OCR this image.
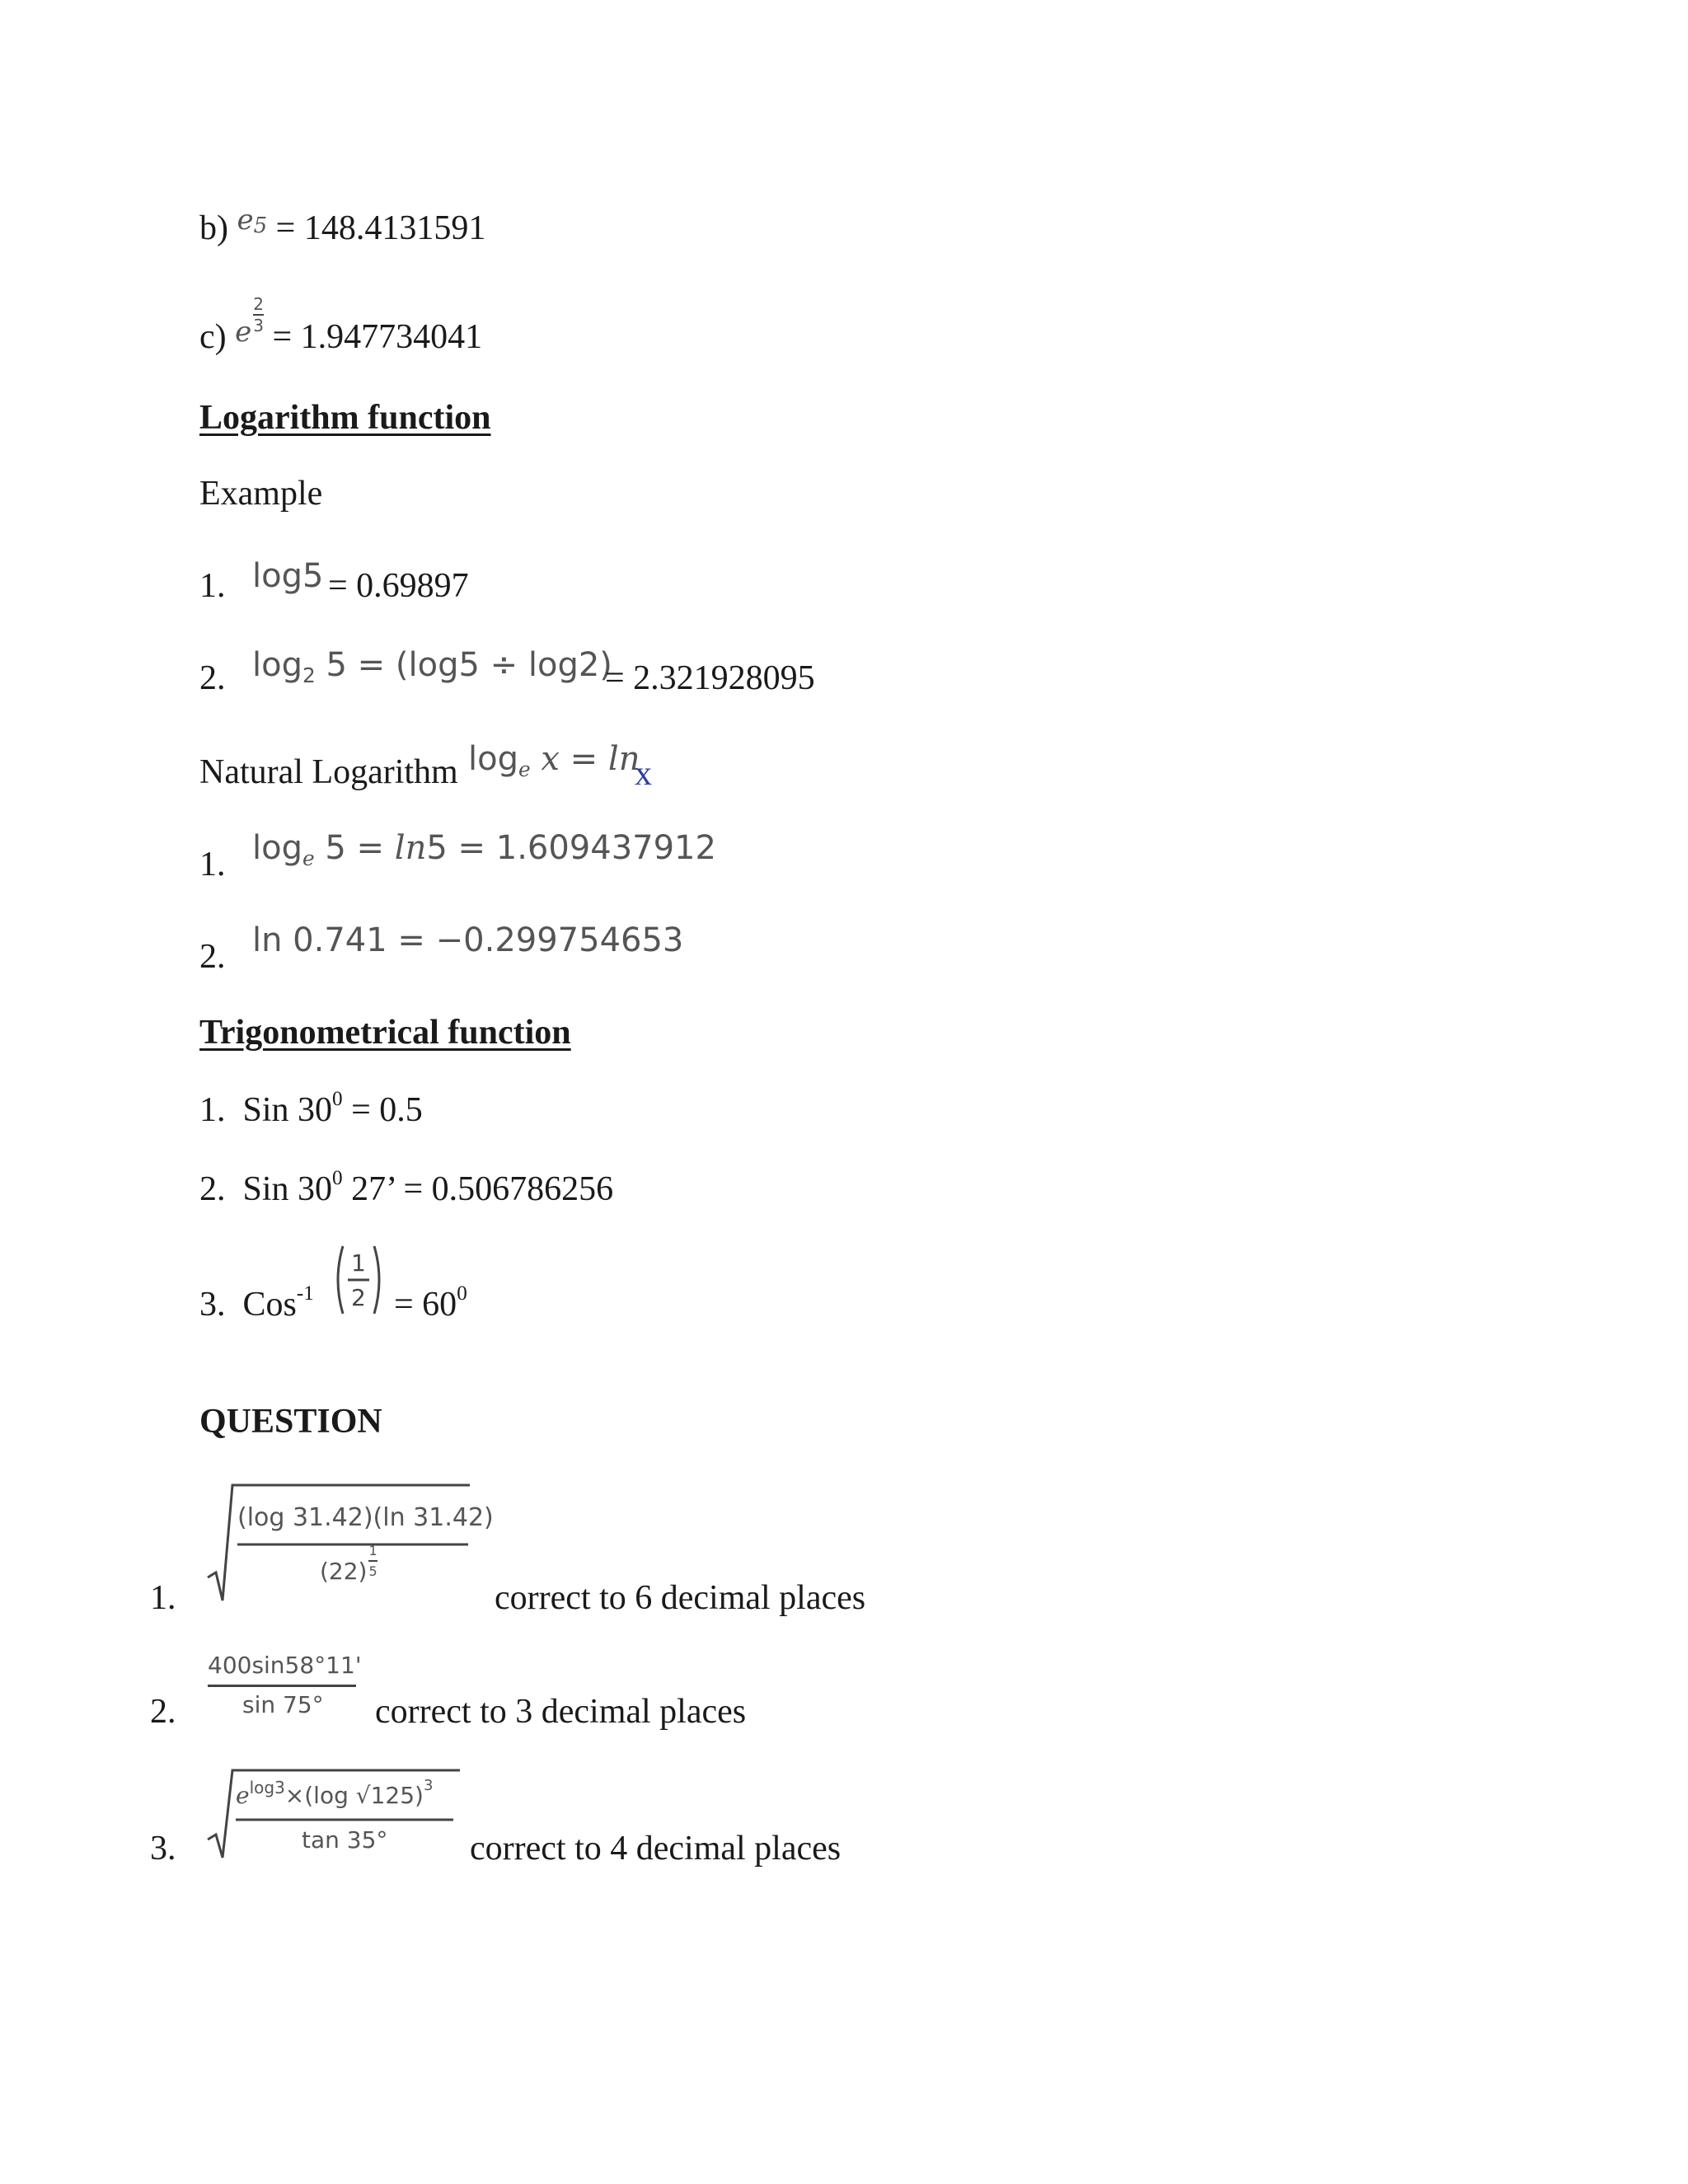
b) $^e$5 = 148.4131591
c) e $\frac{2}{3}$
= 1.947734041
Logarithm function
Example
1. log5 = 0.69897
2. log2 5 = (log5 ÷ log2)
= 2.321928095
Natural Logarithm loge x = ln
x
1. loge 5 = ln5 = 1.609437912
2. ln 0.741 = −0.299754653
Trigonometrical function
1. Sin $30^0 = 0.5$
2. Sin $30^0$ 27’ = 0.506786256
3. Cos$^{-1}$
1
$2 = 60^0$
QUESTION
1.
(log 31.42)(ln 31.42)
$(22) \frac{1}{5}$
correct to 6 decimal places
2.
400sin58°11'
sin 75° correct to 3 decimal places
3.
$e^{log3}\times(\log$ √125)$^3$
tan 35° correct to 4 decimal places
